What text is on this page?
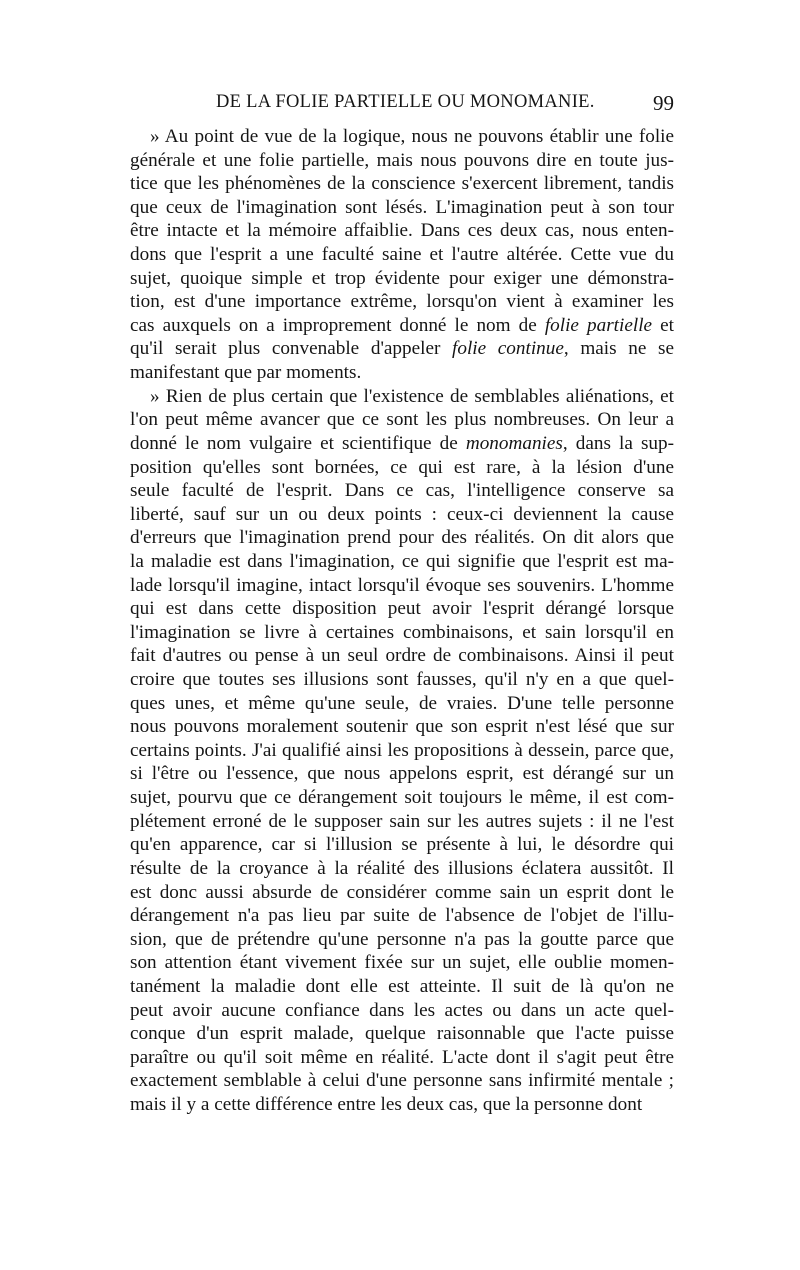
DE LA FOLIE PARTIELLE OU MONOMANIE.	99
» Au point de vue de la logique, nous ne pouvons établir une folie
générale et une folie partielle, mais nous pouvons dire en toute jus-
tice que les phénomènes de la conscience s'exercent librement, tandis
que ceux de l'imagination sont lésés. L'imagination peut à son tour
être intacte et la mémoire affaiblie. Dans ces deux cas, nous enten-
dons que l'esprit a une faculté saine et l'autre altérée. Cette vue du
sujet, quoique simple et trop évidente pour exiger une démonstra-
tion, est d'une importance extrême, lorsqu'on vient à examiner les
cas auxquels on a improprement donné le nom de folie partielle et
qu'il serait plus convenable d'appeler folie continue, mais ne se
manifestant que par moments.
» Rien de plus certain que l'existence de semblables aliénations, et
l'on peut même avancer que ce sont les plus nombreuses. On leur a
donné le nom vulgaire et scientifique de monomanies, dans la sup-
position qu'elles sont bornées, ce qui est rare, à la lésion d'une
seule faculté de l'esprit. Dans ce cas, l'intelligence conserve sa
liberté, sauf sur un ou deux points : ceux-ci deviennent la cause
d'erreurs que l'imagination prend pour des réalités. On dit alors que
la maladie est dans l'imagination, ce qui signifie que l'esprit est ma-
lade lorsqu'il imagine, intact lorsqu'il évoque ses souvenirs. L'homme
qui est dans cette disposition peut avoir l'esprit dérangé lorsque
l'imagination se livre à certaines combinaisons, et sain lorsqu'il en
fait d'autres ou pense à un seul ordre de combinaisons. Ainsi il peut
croire que toutes ses illusions sont fausses, qu'il n'y en a que quel-
ques unes, et même qu'une seule, de vraies. D'une telle personne
nous pouvons moralement soutenir que son esprit n'est lésé que sur
certains points. J'ai qualifié ainsi les propositions à dessein, parce que,
si l'être ou l'essence, que nous appelons esprit, est dérangé sur un
sujet, pourvu que ce dérangement soit toujours le même, il est com-
plétement erroné de le supposer sain sur les autres sujets : il ne l'est
qu'en apparence, car si l'illusion se présente à lui, le désordre qui
résulte de la croyance à la réalité des illusions éclatera aussitôt. Il
est donc aussi absurde de considérer comme sain un esprit dont le
dérangement n'a pas lieu par suite de l'absence de l'objet de l'illu-
sion, que de prétendre qu'une personne n'a pas la goutte parce que
son attention étant vivement fixée sur un sujet, elle oublie momen-
tanément la maladie dont elle est atteinte. Il suit de là qu'on ne
peut avoir aucune confiance dans les actes ou dans un acte quel-
conque d'un esprit malade, quelque raisonnable que l'acte puisse
paraître ou qu'il soit même en réalité. L'acte dont il s'agit peut être
exactement semblable à celui d'une personne sans infirmité mentale ;
mais il y a cette différence entre les deux cas, que la personne dont
